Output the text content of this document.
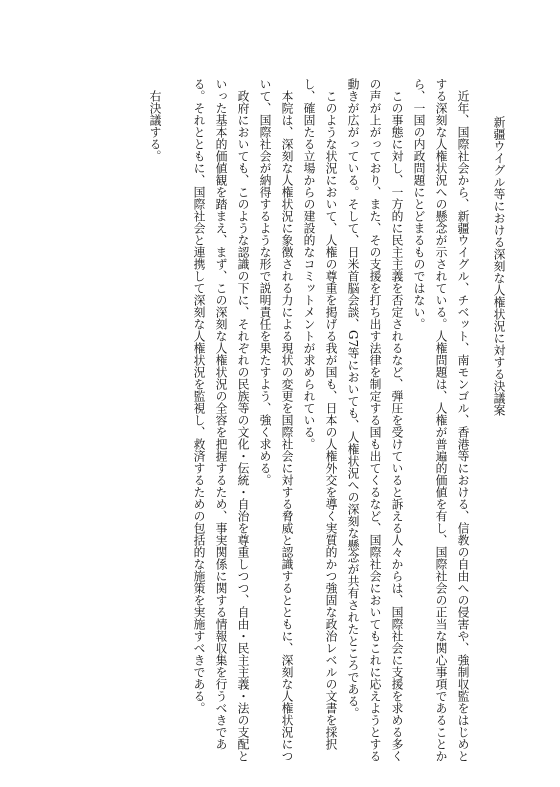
新疆ウイグル等における深刻な人権状況に対する決議案

近年、国際社会から、新疆ウイグル、チベット、南モンゴル、香港等における、信教の自由への侵害や、強制収監をはじめとする深刻な人権状況への懸念が示されている。人権問題は、人権が普遍的価値を有し、国際社会の正当な関心事項であることから、一国の内政問題にとどまるものではない。

この事態に対し、一方的に民主主義を否定されるなど、弾圧を受けていると訴える人々からは、国際社会に支援を求める多くの声が上がっており、また、その支援を打ち出す法律を制定する国も出てくるなど、国際社会においてもこれに応えようとする動きが広がっている。そして、日米首脳会談、G7等においても、人権状況への深刻な懸念が共有されたところである。

このような状況において、人権の尊重を掲げる我が国も、日本の人権外交を導く実質的かつ強固な政治レベルの文書を採択し、確固たる立場からの建設的なコミットメントが求められている。

本院は、深刻な人権状況に象徴される力による現状の変更を国際社会に対する脅威と認識するとともに、深刻な人権状況について、国際社会が納得するような形で説明責任を果たすよう、強く求める。

政府においても、このような認識の下に、それぞれの民族等の文化・伝統・自治を尊重しつつ、自由・民主主義・法の支配といった基本的価値観を踏まえ、まず、この深刻な人権状況の全容を把握するため、事実関係に関する情報収集を行うべきである。それとともに、国際社会と連携して深刻な人権状況を監視し、救済するための包括的な施策を実施すべきである。

右決議する。
